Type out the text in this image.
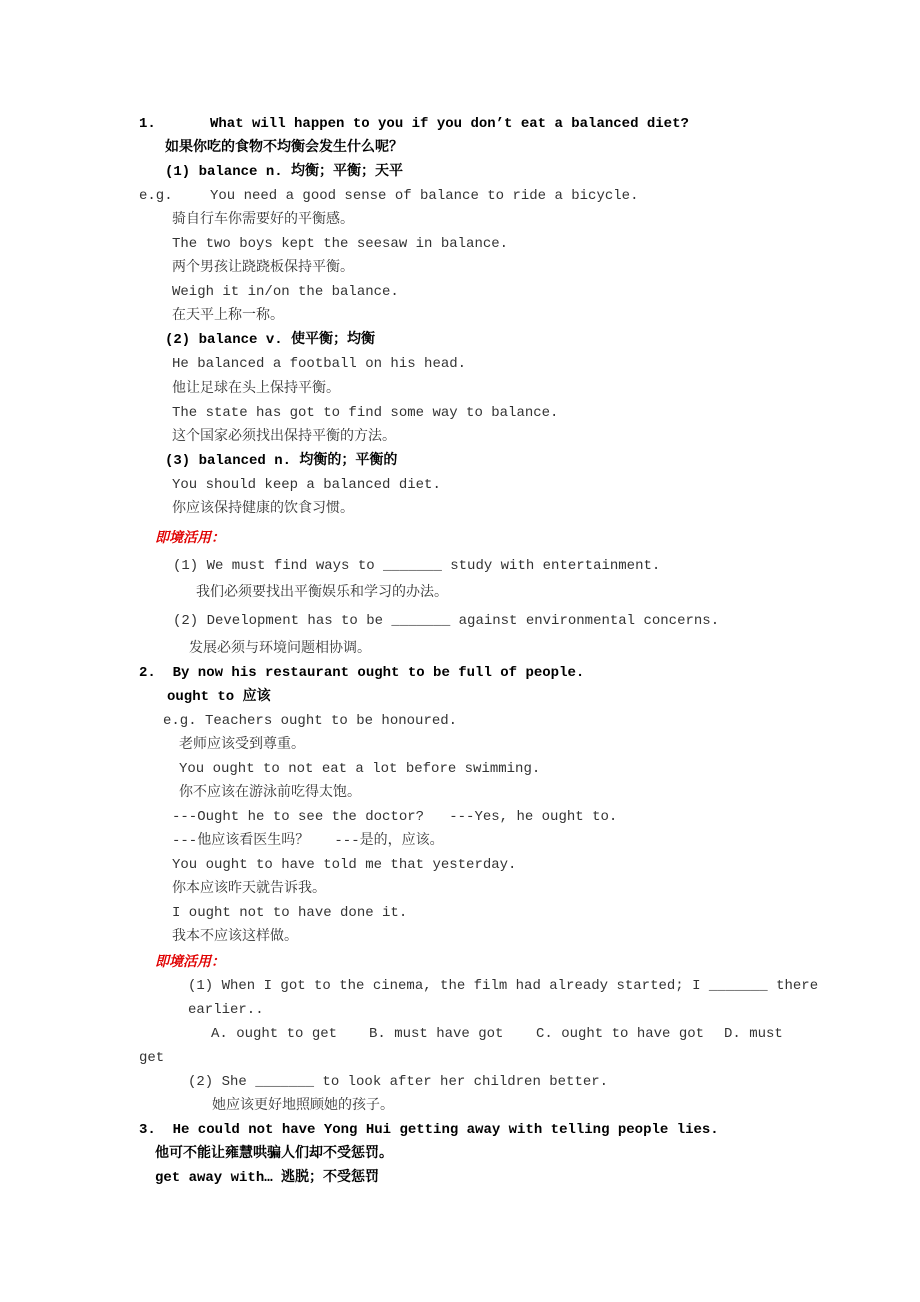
1.	What will happen to you if you don’t eat a balanced diet?
如果你吃的食物不均衡会发生什么呢？
(1) balance n. 均衡；平衡；天平
e.g.	You need a good sense of balance to ride a bicycle.
骑自行车你需要好的平衡感。
The two boys kept the seesaw in balance.
两个男孩让跷跷板保持平衡。
Weigh it in/on the balance.
在天平上称一称。
(2) balance v. 使平衡；均衡
He balanced a football on his head.
他让足球在头上保持平衡。
The state has got to find some way to balance.
这个国家必须找出保持平衡的方法。
(3) balanced n. 均衡的；平衡的
You should keep a balanced diet.
你应该保持健康的饮食习惯。
即境活用：
(1) We must find ways to _______ study with entertainment.
我们必须要找出平衡娱乐和学习的办法。
(2) Development has to be _______ against environmental concerns.
发展必须与环境问题相协调。
2.  By now his restaurant ought to be full of people.
ought to 应该
e.g. Teachers ought to be honoured.
老师应该受到尊重。
You ought to not eat a lot before swimming.
你不应该在游泳前吃得太饱。
---Ought he to see the doctor?   ---Yes, he ought to.
---他应该看医生吗？   ---是的，应该。
You ought to have told me that yesterday.
你本应该昨天就告诉我。
I ought not to have done it.
我本不应该这样做。
即境活用：
(1) When I got to the cinema, the film had already started; I _______ there
earlier..
A. ought to get B. must have got C. ought to have got D. must
get
(2) She _______ to look after her children better.
她应该更好地照顾她的孩子。
3.  He could not have Yong Hui getting away with telling people lies.
他可不能让雍慧哄骗人们却不受惩罚。
get away with… 逃脱；不受惩罚
